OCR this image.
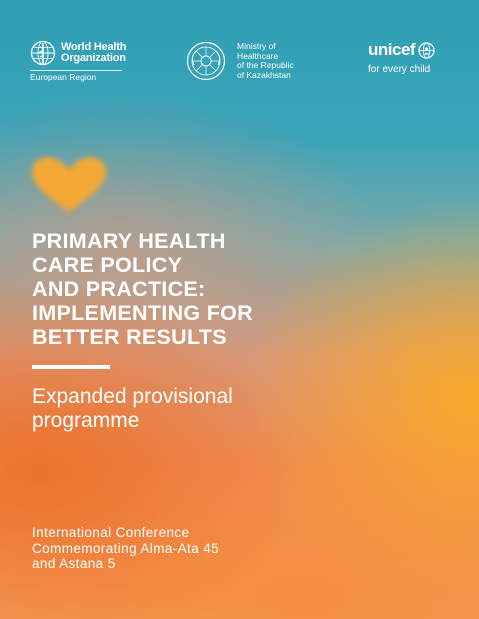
World Health
Organization
European Region
Ministry of
Healthcare
of the Republic
of Kazakhstan
unicef
for every child
PRIMARY HEALTH
CARE POLICY
AND PRACTICE:
IMPLEMENTING FOR
BETTER RESULTS
Expanded provisional
programme
International Conference
Commemorating Alma-Ata 45
and Astana 5
